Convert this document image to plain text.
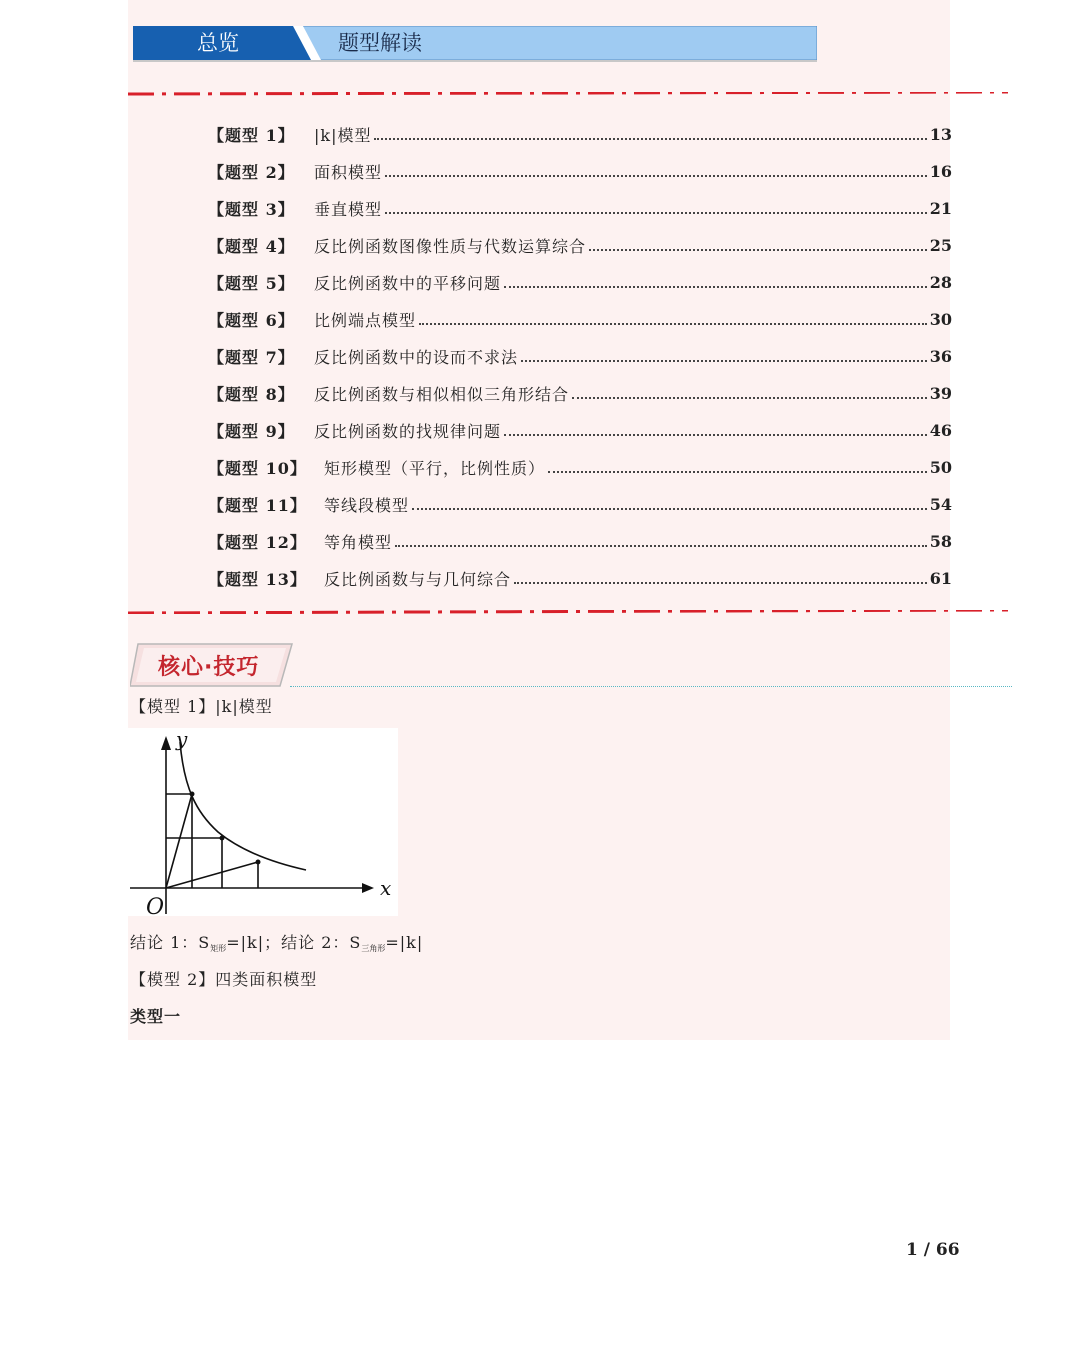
总览	题型解读
【题型 1】	|k|模型	13
【题型 2】	面积模型	16
【题型 3】	垂直模型	21
【题型 4】	反比例函数图像性质与代数运算综合	25
【题型 5】	反比例函数中的平移问题	28
【题型 6】	比例端点模型	30
【题型 7】	反比例函数中的设而不求法	36
【题型 8】	反比例函数与相似相似三角形结合	39
【题型 9】	反比例函数的找规律问题	46
【题型 10】	矩形模型（平行，比例性质）	50
【题型 11】	等线段模型	54
【题型 12】	等角模型	58
【题型 13】	反比例函数与与几何综合	61
核心·技巧
【模型 1】|k|模型
y
x
O
结论 1：$S_{矩形}=|k|$；结论 2：$S_{三角形}=|k|$
【模型 2】四类面积模型
类型一
1 / 66
